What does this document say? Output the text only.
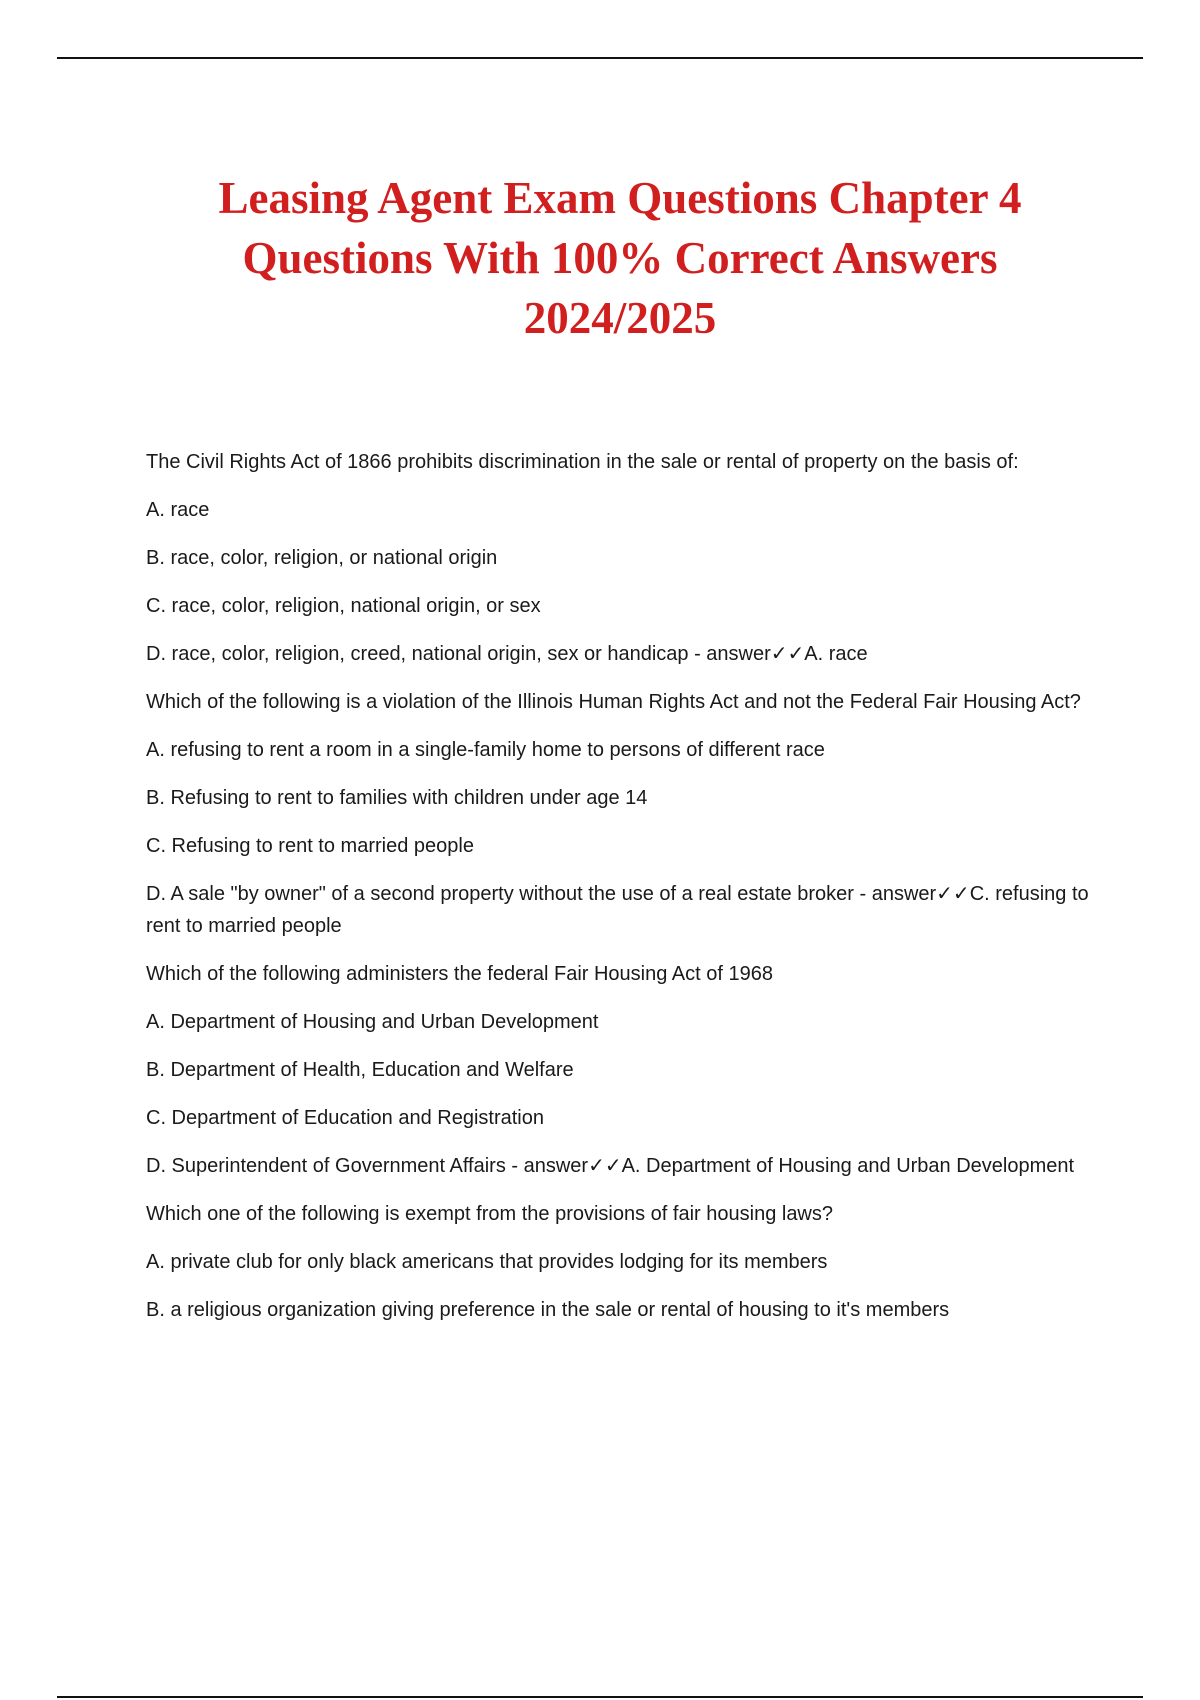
Leasing Agent Exam Questions Chapter 4
Questions With 100% Correct Answers
2024/2025

The Civil Rights Act of 1866 prohibits discrimination in the sale or rental of property on the basis of:

A. race

B. race, color, religion, or national origin

C. race, color, religion, national origin, or sex

D. race, color, religion, creed, national origin, sex or handicap - answer✓✓A. race

Which of the following is a violation of the Illinois Human Rights Act and not the Federal Fair Housing Act?

A. refusing to rent a room in a single-family home to persons of different race

B. Refusing to rent to families with children under age 14

C. Refusing to rent to married people

D. A sale "by owner" of a second property without the use of a real estate broker - answer✓✓C. refusing to rent to married people

Which of the following administers the federal Fair Housing Act of 1968

A. Department of Housing and Urban Development

B. Department of Health, Education and Welfare

C. Department of Education and Registration

D. Superintendent of Government Affairs - answer✓✓A. Department of Housing and Urban Development

Which one of the following is exempt from the provisions of fair housing laws?

A. private club for only black americans that provides lodging for its members

B. a religious organization giving preference in the sale or rental of housing to it's members
